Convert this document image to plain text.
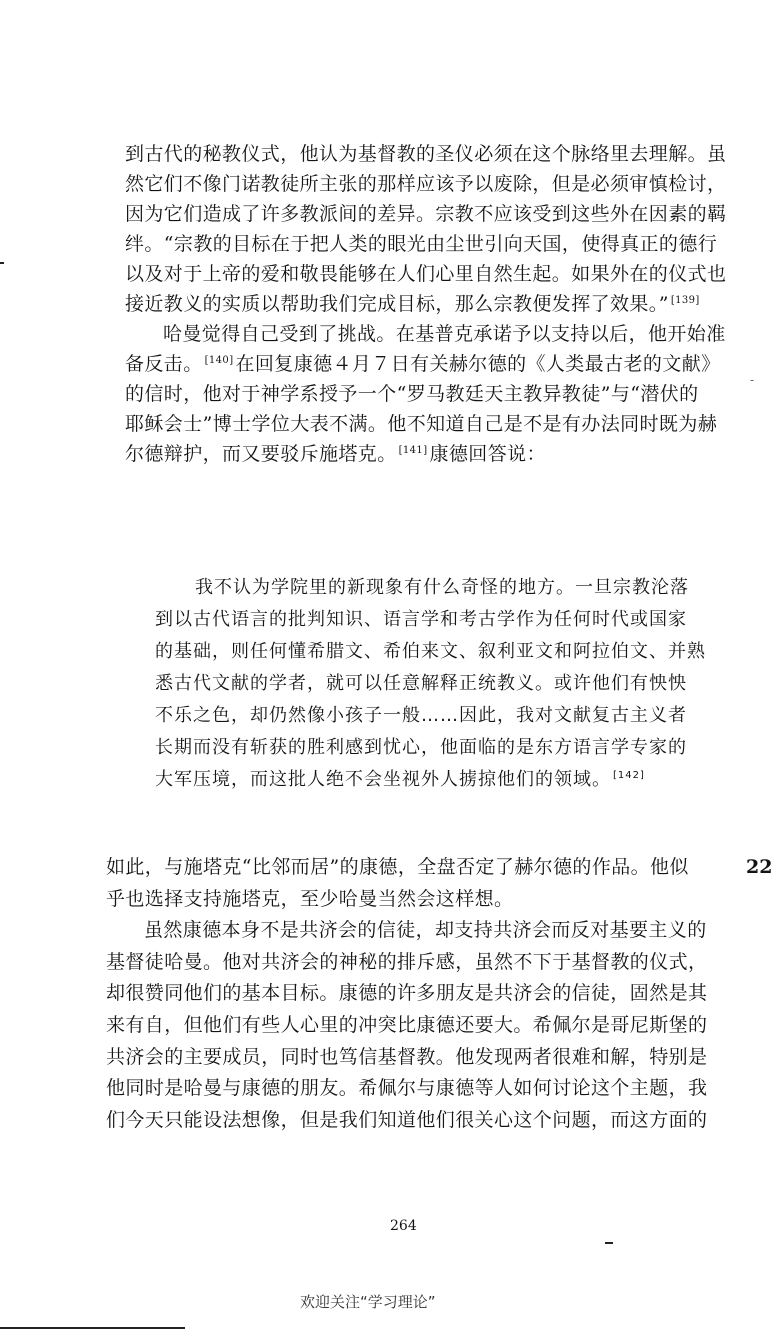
到古代的秘教仪式，他认为基督教的圣仪必须在这个脉络里去理解。虽
然它们不像门诺教徒所主张的那样应该予以废除，但是必须审慎检讨，
因为它们造成了许多教派间的差异。宗教不应该受到这些外在因素的羁
绊。“宗教的目标在于把人类的眼光由尘世引向天国，使得真正的德行
以及对于上帝的爱和敬畏能够在人们心里自然生起。如果外在的仪式也
接近教义的实质以帮助我们完成目标，那么宗教便发挥了效果。” [139]
哈曼觉得自己受到了挑战。在基普克承诺予以支持以后，他开始准
备反击。 [140] 在回复康德４月７日有关赫尔德的《人类最古老的文献》
的信时，他对于神学系授予一个“罗马教廷天主教异教徒”与“潜伏的
耶稣会士”博士学位大表不满。他不知道自己是不是有办法同时既为赫
尔德辩护，而又要驳斥施塔克。 [141] 康德回答说：
-
我不认为学院里的新现象有什么奇怪的地方。一旦宗教沦落
到以古代语言的批判知识、语言学和考古学作为任何时代或国家
的基础，则任何懂希腊文、希伯来文、叙利亚文和阿拉伯文、并熟
悉古代文献的学者，就可以任意解释正统教义。或许他们有怏怏
不乐之色，却仍然像小孩子一般……因此，我对文献复古主义者
长期而没有斩获的胜利感到忧心，他面临的是东方语言学专家的
大军压境，而这批人绝不会坐视外人掳掠他们的领域。 [142]
如此，与施塔克“比邻而居”的康德，全盘否定了赫尔德的作品。他似
乎也选择支持施塔克，至少哈曼当然会这样想。
虽然康德本身不是共济会的信徒，却支持共济会而反对基要主义的
基督徒哈曼。他对共济会的神秘的排斥感，虽然不下于基督教的仪式，
却很赞同他们的基本目标。康德的许多朋友是共济会的信徒，固然是其
来有自，但他们有些人心里的冲突比康德还要大。希佩尔是哥尼斯堡的
共济会的主要成员，同时也笃信基督教。他发现两者很难和解，特别是
他同时是哈曼与康德的朋友。希佩尔与康德等人如何讨论这个主题，我
们今天只能设法想像，但是我们知道他们很关心这个问题，而这方面的
22
264
欢迎关注“学习理论”
